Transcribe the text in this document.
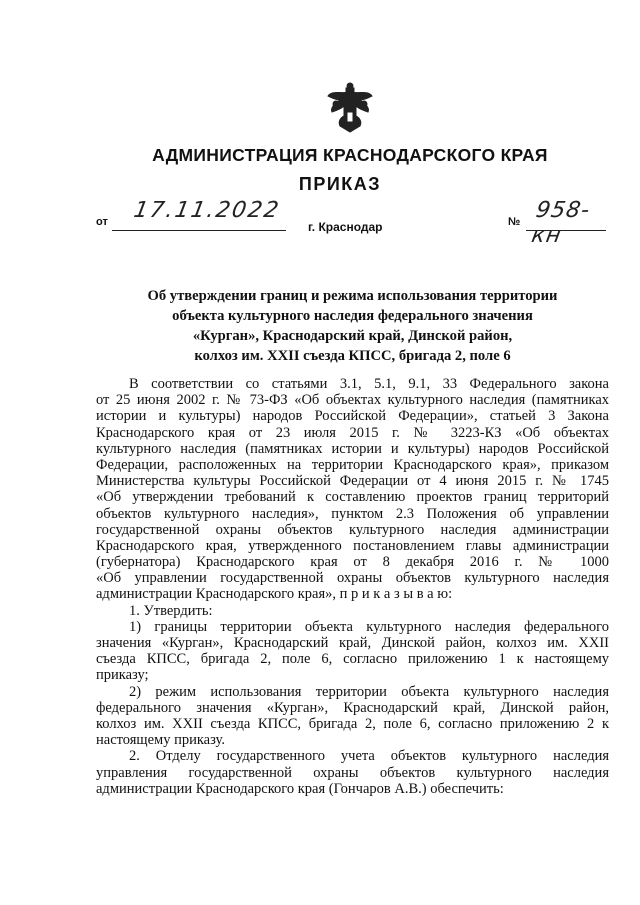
АДМИНИСТРАЦИЯ КРАСНОДАРСКОГО КРАЯ
ПРИКАЗ
от 17.11.2022
г. Краснодар	№ 958-кн
Об утверждении границ и режима использования территории
объекта культурного наследия федерального значения
«Курган», Краснодарский край, Динской район,
колхоз им. XXII съезда КПСС, бригада 2, поле 6
В соответствии со статьями 3.1, 5.1, 9.1, 33 Федерального закона
от 25 июня 2002 г. № 73-ФЗ «Об объектах культурного наследия (памятниках
истории и культуры) народов Российской Федерации», статьей 3 Закона
Краснодарского края от 23 июля 2015 г. № 3223-КЗ «Об объектах
культурного наследия (памятниках истории и культуры) народов Российской
Федерации, расположенных на территории Краснодарского края», приказом
Министерства культуры Российской Федерации от 4 июня 2015 г. № 1745
«Об утверждении требований к составлению проектов границ территорий
объектов культурного наследия», пунктом 2.3 Положения об управлении
государственной охраны объектов культурного наследия администрации
Краснодарского края, утвержденного постановлением главы администрации
(губернатора) Краснодарского края от 8 декабря 2016 г. № 1000
«Об управлении государственной охраны объектов культурного наследия
администрации Краснодарского края», п р и к а з ы в а ю:
1. Утвердить:
1) границы территории объекта культурного наследия федерального
значения «Курган», Краснодарский край, Динской район, колхоз им. XXII
съезда КПСС, бригада 2, поле 6, согласно приложению 1 к настоящему
приказу;
2) режим использования территории объекта культурного наследия
федерального значения «Курган», Краснодарский край, Динской район,
колхоз им. XXII съезда КПСС, бригада 2, поле 6, согласно приложению 2 к
настоящему приказу.
2. Отделу государственного учета объектов культурного наследия
управления государственной охраны объектов культурного наследия
администрации Краснодарского края (Гончаров А.В.) обеспечить:
